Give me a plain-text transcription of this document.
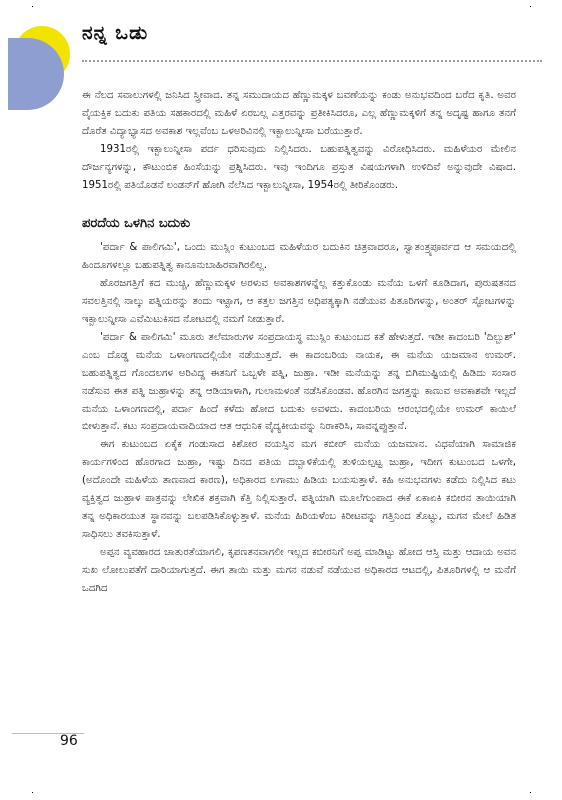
ನನ್ನ ಒಡು

ಈ ನೆಲದ ಸವಾಲುಗಳಲ್ಲಿ ಜನಿಸಿದ ಸ್ತ್ರೀವಾದ. ತನ್ನ ಸಮುದಾಯದ ಹೆಣ್ಣುಮಕ್ಕಳ ಬವಣೆಯನ್ನು ಕಂಡು ಅನುಭವದಿಂದ ಬರೆದ ಕೃತಿ. ಅವರ ವೈಯಕ್ತಿಕ ಬದುಕು ಪತಿಯ ಸಹಕಾರದಲ್ಲಿ ಮಹಿಳೆ ಏರಬಲ್ಲ ಎತ್ತರವನ್ನು ಪ್ರತೀಕಿಸಿದರೂ, ಎಲ್ಲ ಹೆಣ್ಣುಮಕ್ಕಳಿಗೆ ತನ್ನ ಅದೃಷ್ಟ ಹಾಗೂ ತನಗೆ ದೊರೆತ ವಿದ್ಯಾಭ್ಯಾಸದ ಅವಕಾಶ ಇಲ್ಲವೆಂಬ ಒಳಅರಿವಿನಲ್ಲಿ ಇಕ್ಬಾಲುನ್ನೀಸಾ ಬರೆಯುತ್ತಾರೆ.

1931ರಲ್ಲಿ ಇಕ್ಬಾಲುನ್ನೀಸಾ ಪರ್ದ ಧರಿಸುವುದು ನಿಲ್ಲಿಸಿದರು. ಬಹುಪತ್ನಿತ್ವವನ್ನು ವಿರೋಧಿಸಿದರು. ಮಹಿಳೆಯರ ಮೇಲಿನ ದೌರ್ಜನ್ಯಗಳನ್ನು, ಕೌಟುಂಬಿಕ ಹಿಂಸೆಯನ್ನು ಪ್ರಶ್ನಿಸಿದರು. ಇವು ಇಂದಿಗೂ ಪ್ರಸ್ತುತ ವಿಷಯಗಳಾಗಿ ಉಳಿದಿವೆ ಅನ್ನುವುದೇ ವಿಷಾದ. 1951ರಲ್ಲಿ ಪತಿಯೊಡನೆ ಲಂಡನ್‌ಗೆ ಹೋಗಿ ನೆಲೆಸಿದ ಇಕ್ಬಾಲುನ್ನೀಸಾ, 1954ರಲ್ಲಿ ತೀರಿಕೊಂಡರು.

ಪರದೆಯ ಒಳಗಿನ ಬದುಕು

'ಪರ್ದಾ & ಪಾಲಿಗಮಿ', ಒಂದು ಮುಸ್ಲಿಂ ಕುಟುಂಬದ ಮಹಿಳೆಯರ ಬದುಕಿನ ಚಿತ್ರವಾದರೂ, ಸ್ವಾತಂತ್ರ್ಯಪೂರ್ವದ ಆ ಸಮಯದಲ್ಲಿ ಹಿಂದೂಗಳಲ್ಲೂ ಬಹುಪತ್ನಿತ್ವ ಕಾನೂನುಬಾಹಿರವಾಗಿರಲಿಲ್ಲ.

ಹೊರಜಗತ್ತಿಗೆ ಕದ ಮುಚ್ಚಿ, ಹೆಣ್ಣುಮಕ್ಕಳ ಅರಳುವ ಅವಕಾಶಗಳನ್ನೆಲ್ಲ ಕತ್ತುಕೊಂಡು ಮನೆಯ ಒಳಗೆ ಕೂಡಿದಾಗ, ಪುರುಷತನದ ಸವಲತ್ತಿನಲ್ಲಿ ನಾಲ್ಕು ಪತ್ನಿಯರನ್ನು ತಂದು ಇಟ್ಟಾಗ, ಆ ಕತ್ತಲ ಜಗತ್ತಿನ ಅಧಿಪತ್ಯಕ್ಕಾಗಿ ನಡೆಯುವ ಪಿತೂರಿಗಳನ್ನು, ಅಂತರ್ ಸ್ಫೋಟಗಳನ್ನು ಇಕ್ಬಾಲುನ್ನೀಸಾ ಎವೆಮಿಟುಕಿಸದ ನೋಟದಲ್ಲಿ ನಮಗೆ ನೀಡುತ್ತಾರೆ.

'ಪರ್ದಾ & ಪಾಲಿಗಮಿ' ಮೂರು ತಲೆಮಾರುಗಳ ಸಂಪ್ರದಾಯಸ್ಥ ಮುಸ್ಲಿಂ ಕುಟುಂಬದ ಕತೆ ಹೇಳುತ್ತದೆ. ಇಡೀ ಕಾದಂಬರಿ 'ದಿಲ್ಬುಶ್' ಎಂಬ ದೊಡ್ಡ ಮನೆಯ ಒಳಾಂಗಣದಲ್ಲಿಯೇ ನಡೆಯುತ್ತದೆ. ಈ ಕಾದಂಬರಿಯ ನಾಯಕ, ಈ ಮನೆಯ ಯಜಮಾನ ಉಮರ್. ಬಹುಪತ್ನಿತ್ವದ ಗೊಂದಲಗಳ ಅರಿವಿದ್ದ ಈತನಿಗೆ ಒಬ್ಬಳೇ ಪತ್ನಿ, ಜುಹ್ರಾ. ಇಡೀ ಮನೆಯನ್ನು ತನ್ನ ಬಿಗಿಮುಷ್ಟಿಯಲ್ಲಿ ಹಿಡಿದು ಸಂಸಾರ ನಡೆಸುವ ಈತ ಪತ್ನಿ ಜುಹ್ರಾಳನ್ನು ತನ್ನ ಆಡಿಯಾಳಾಗಿ, ಗುಲಾಮಳಂತೆ ನಡೆಸಿಕೊಂಡವ. ಹೊರಗಿನ ಜಗತ್ತನ್ನು ಕಾಣುವ ಅವಕಾಶವೇ ಇಲ್ಲದೆ ಮನೆಯ ಒಳಾಂಗಣದಲ್ಲಿ, ಪರ್ದಾ ಹಿಂದೆ ಕಳೆದು ಹೋದ ಬದುಕು ಅವಳದು. ಕಾದಂಬರಿಯ ಆರಂಭದಲ್ಲಿಯೇ ಉಮರ್ ಕಾಯಿಲೆ ಬೀಳುತ್ತಾನೆ. ಕಟು ಸಂಪ್ರದಾಯವಾದಿಯಾದ ಆತ ಆಧುನಿಕ ವೈದ್ಯಕೀಯವನ್ನು ನಿರಾಕರಿಸಿ, ಸಾವನ್ನಪ್ಪುತ್ತಾನೆ.

ಈಗ ಕುಟುಂಬದ ಏಕೈಕ ಗಂಡುಸಾದ ಕಿಶೋರ ವಯಸ್ಸಿನ ಮಗ ಕಬೀರ್ ಮನೆಯ ಯಜಮಾನ. ವಿಧವೆಯಾಗಿ ಸಾಮಾಜಿಕ ಕಾರ್ಯಗಳಿಂದ ಹೊರಗಾದ ಜುಹ್ರಾ, ಇಷ್ಟು ದಿನದ ಪತಿಯ ದಬ್ಬಾಳಿಕೆಯಲ್ಲಿ ತುಳಿಯಲ್ಪಟ್ಟ ಜುಹ್ರಾ, ಇದೀಗ ಕುಟುಂಬದ ಒಳಗೇ, (ಅದೊಂದೇ ಮಹಿಳೆಯ ತಾಣವಾದ ಕಾರಣ), ಅಧಿಕಾರದ ಲಗಾಮು ಹಿಡಿಯ ಬಯಸುತ್ತಾಳೆ. ಕಹಿ ಅನುಭವಗಳು ಕಡೆದು ನಿಲ್ಲಿಸಿದ ಕಟು ವ್ಯಕ್ತಿತ್ವದ ಜುಹ್ರಾಳ ಪಾತ್ರವನ್ನು ಲೇಖಿಕ ಶಕ್ತವಾಗಿ ಕೆತ್ತಿ ನಿಲ್ಲಿಸುತ್ತಾರೆ. ಪತ್ನಿಯಾಗಿ ಮೂಲೆಗುಂಪಾದ ಈಕೆ ಏಕಾಏಕಿ ಕಬೀರನ ತಾಯಿಯಾಗಿ ತನ್ನ ಅಧಿಕಾರಯುತ ಸ್ಥಾನವನ್ನು ಬಲಪಡಿಸಿಕೊಳ್ಳುತ್ತಾಳೆ. ಮನೆಯ ಹಿರಿಯಳೆಂಬ ಕಿರೀಟವನ್ನು ಗತ್ತಿನಿಂದ ತೊಟ್ಟು, ಮಗನ ಮೇಲೆ ಹಿಡಿತ ಸಾಧಿಸಲು ತವಕಿಸುತ್ತಾಳೆ.

ಅಪ್ಪನ ವ್ಯವಹಾರದ ಚಾತುರತೆಯಾಗಲಿ, ಕೃಪಣತನವಾಗಲೀ ಇಲ್ಲದ ಕಬೀರನಿಗೆ ಅಪ್ಪ ಮಾಡಿಟ್ಟು ಹೋದ ಆಸ್ತಿ ಮತ್ತು ಆದಾಯ ಅವನ ಸುಖ ಲೋಲುಪತೆಗೆ ದಾರಿಯಾಗುತ್ತದೆ. ಈಗ ತಾಯಿ ಮತ್ತು ಮಗನ ನಡುವೆ ನಡೆಯುವ ಅಧಿಕಾರದ ಆಟದಲ್ಲಿ, ಪಿತೂರಿಗಳಲ್ಲಿ ಆ ಮನೆಗೆ ಒದಗಿದ

96
